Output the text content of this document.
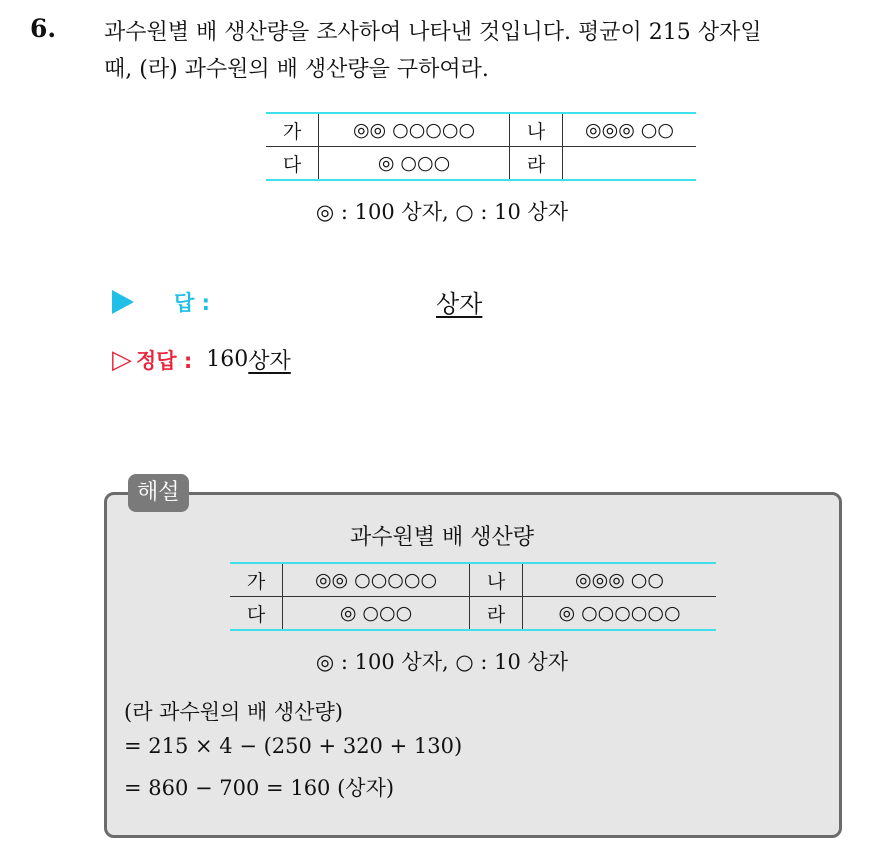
6. 과수원별 배 생산량을 조사하여 나타낸 것입니다. 평균이 215 상자일
때, (라) 과수원의 배 생산량을 구하여라.
가	◎◎ ○○○○○	나	◎◎◎ ○○
다	◎ ○○○	라	
◎ : 100 상자, ○ : 10 상자
답 :	상자
▷ 정답 : 160 상자
해설
과수원별 배 생산량
가	◎◎ ○○○○○	나	◎◎◎ ○○
다	◎ ○○○	라	◎ ○○○○○○
◎ : 100 상자, ○ : 10 상자
(라 과수원의 배 생산량)
= 215 × 4 − (250 + 320 + 130)
= 860 − 700 = 160 (상자)
